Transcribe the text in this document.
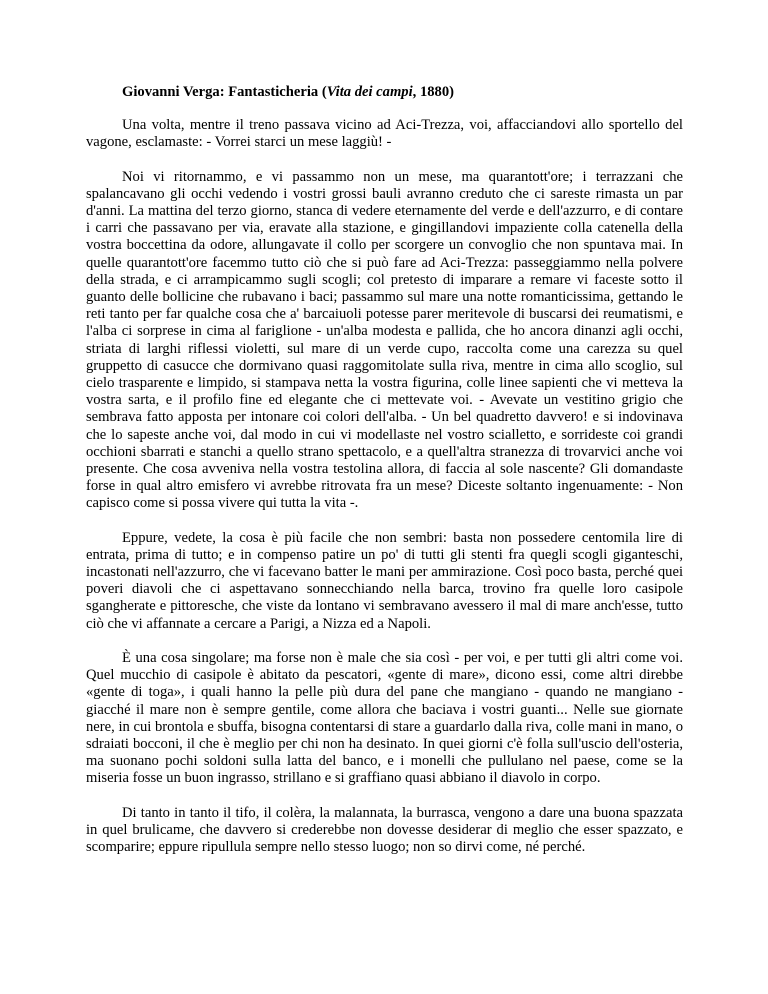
Giovanni Verga: Fantasticheria (Vita dei campi, 1880)

Una volta, mentre il treno passava vicino ad Aci-Trezza, voi, affacciandovi allo sportello del vagone, esclamaste: - Vorrei starci un mese laggiù! -

Noi vi ritornammo, e vi passammo non un mese, ma quarantott'ore; i terrazzani che spalancavano gli occhi vedendo i vostri grossi bauli avranno creduto che ci sareste rimasta un par d'anni. La mattina del terzo giorno, stanca di vedere eternamente del verde e dell'azzurro, e di contare i carri che passavano per via, eravate alla stazione, e gingillandovi impaziente colla catenella della vostra boccettina da odore, allungavate il collo per scorgere un convoglio che non spuntava mai. In quelle quarantott'ore facemmo tutto ciò che si può fare ad Aci-Trezza: passeggiammo nella polvere della strada, e ci arrampicammo sugli scogli; col pretesto di imparare a remare vi faceste sotto il guanto delle bollicine che rubavano i baci; passammo sul mare una notte romanticissima, gettando le reti tanto per far qualche cosa che a' barcaiuoli potesse parer meritevole di buscarsi dei reumatismi, e l'alba ci sorprese in cima al fariglione - un'alba modesta e pallida, che ho ancora dinanzi agli occhi, striata di larghi riflessi violetti, sul mare di un verde cupo, raccolta come una carezza su quel gruppetto di casucce che dormivano quasi raggomitolate sulla riva, mentre in cima allo scoglio, sul cielo trasparente e limpido, si stampava netta la vostra figurina, colle linee sapienti che vi metteva la vostra sarta, e il profilo fine ed elegante che ci mettevate voi. - Avevate un vestitino grigio che sembrava fatto apposta per intonare coi colori dell'alba. - Un bel quadretto davvero! e si indovinava che lo sapeste anche voi, dal modo in cui vi modellaste nel vostro scialletto, e sorrideste coi grandi occhioni sbarrati e stanchi a quello strano spettacolo, e a quell'altra stranezza di trovarvici anche voi presente. Che cosa avveniva nella vostra testolina allora, di faccia al sole nascente? Gli domandaste forse in qual altro emisfero vi avrebbe ritrovata fra un mese? Diceste soltanto ingenuamente: - Non capisco come si possa vivere qui tutta la vita -.

Eppure, vedete, la cosa è più facile che non sembri: basta non possedere centomila lire di entrata, prima di tutto; e in compenso patire un po' di tutti gli stenti fra quegli scogli giganteschi, incastonati nell'azzurro, che vi facevano batter le mani per ammirazione. Così poco basta, perché quei poveri diavoli che ci aspettavano sonnecchiando nella barca, trovino fra quelle loro casipole sgangherate e pittoresche, che viste da lontano vi sembravano avessero il mal di mare anch'esse, tutto ciò che vi affannate a cercare a Parigi, a Nizza ed a Napoli.

È una cosa singolare; ma forse non è male che sia così - per voi, e per tutti gli altri come voi. Quel mucchio di casipole è abitato da pescatori, «gente di mare», dicono essi, come altri direbbe «gente di toga», i quali hanno la pelle più dura del pane che mangiano - quando ne mangiano - giacché il mare non è sempre gentile, come allora che baciava i vostri guanti... Nelle sue giornate nere, in cui brontola e sbuffa, bisogna contentarsi di stare a guardarlo dalla riva, colle mani in mano, o sdraiati bocconi, il che è meglio per chi non ha desinato. In quei giorni c'è folla sull'uscio dell'osteria, ma suonano pochi soldoni sulla latta del banco, e i monelli che pullulano nel paese, come se la miseria fosse un buon ingrasso, strillano e si graffiano quasi abbiano il diavolo in corpo.

Di tanto in tanto il tifo, il colèra, la malannata, la burrasca, vengono a dare una buona spazzata in quel brulicame, che davvero si crederebbe non dovesse desiderar di meglio che esser spazzato, e scomparire; eppure ripullula sempre nello stesso luogo; non so dirvi come, né perché.
